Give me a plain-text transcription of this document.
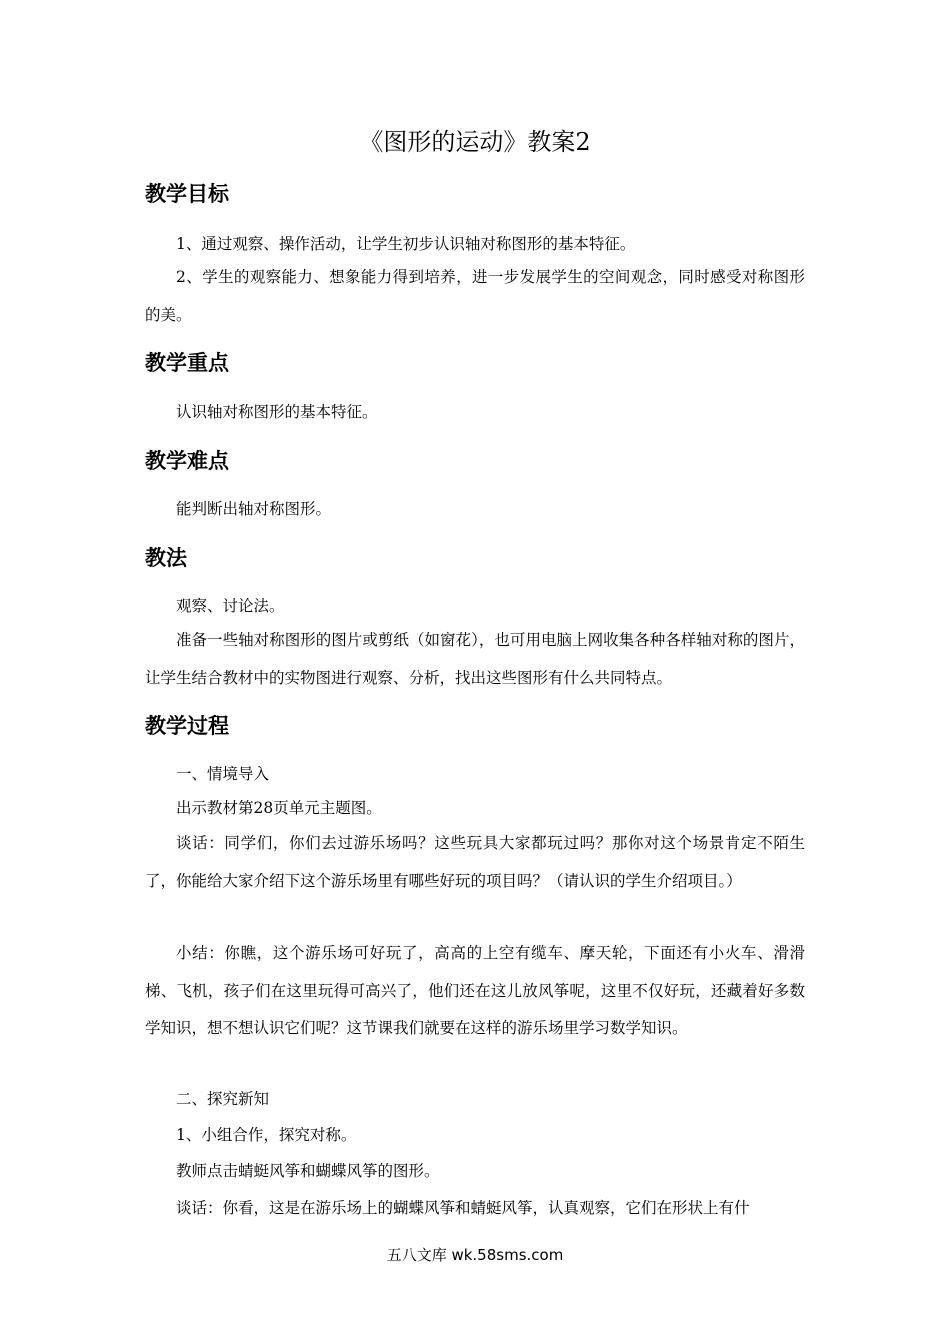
《图形的运动》教案2
教学目标

1、通过观察、操作活动，让学生初步认识轴对称图形的基本特征。

2、学生的观察能力、想象能力得到培养，进一步发展学生的空间观念，同时感受对称图形的美。

教学重点

认识轴对称图形的基本特征。

教学难点

能判断出轴对称图形。

教法

观察、讨论法。

准备一些轴对称图形的图片或剪纸（如窗花），也可用电脑上网收集各种各样轴对称的图片，让学生结合教材中的实物图进行观察、分析，找出这些图形有什么共同特点。

教学过程

一、情境导入

出示教材第28页单元主题图。

谈话：同学们，你们去过游乐场吗？这些玩具大家都玩过吗？那你对这个场景肯定不陌生了，你能给大家介绍下这个游乐场里有哪些好玩的项目吗？（请认识的学生介绍项目。）

小结：你瞧，这个游乐场可好玩了，高高的上空有缆车、摩天轮，下面还有小火车、滑滑梯、飞机，孩子们在这里玩得可高兴了，他们还在这儿放风筝呢，这里不仅好玩，还藏着好多数学知识，想不想认识它们呢？这节课我们就要在这样的游乐场里学习数学知识。

二、探究新知

1、小组合作，探究对称。

教师点击蜻蜓风筝和蝴蝶风筝的图形。

谈话：你看，这是在游乐场上的蝴蝶风筝和蜻蜓风筝，认真观察，它们在形状上有什

五八文库 wk.58sms.com
